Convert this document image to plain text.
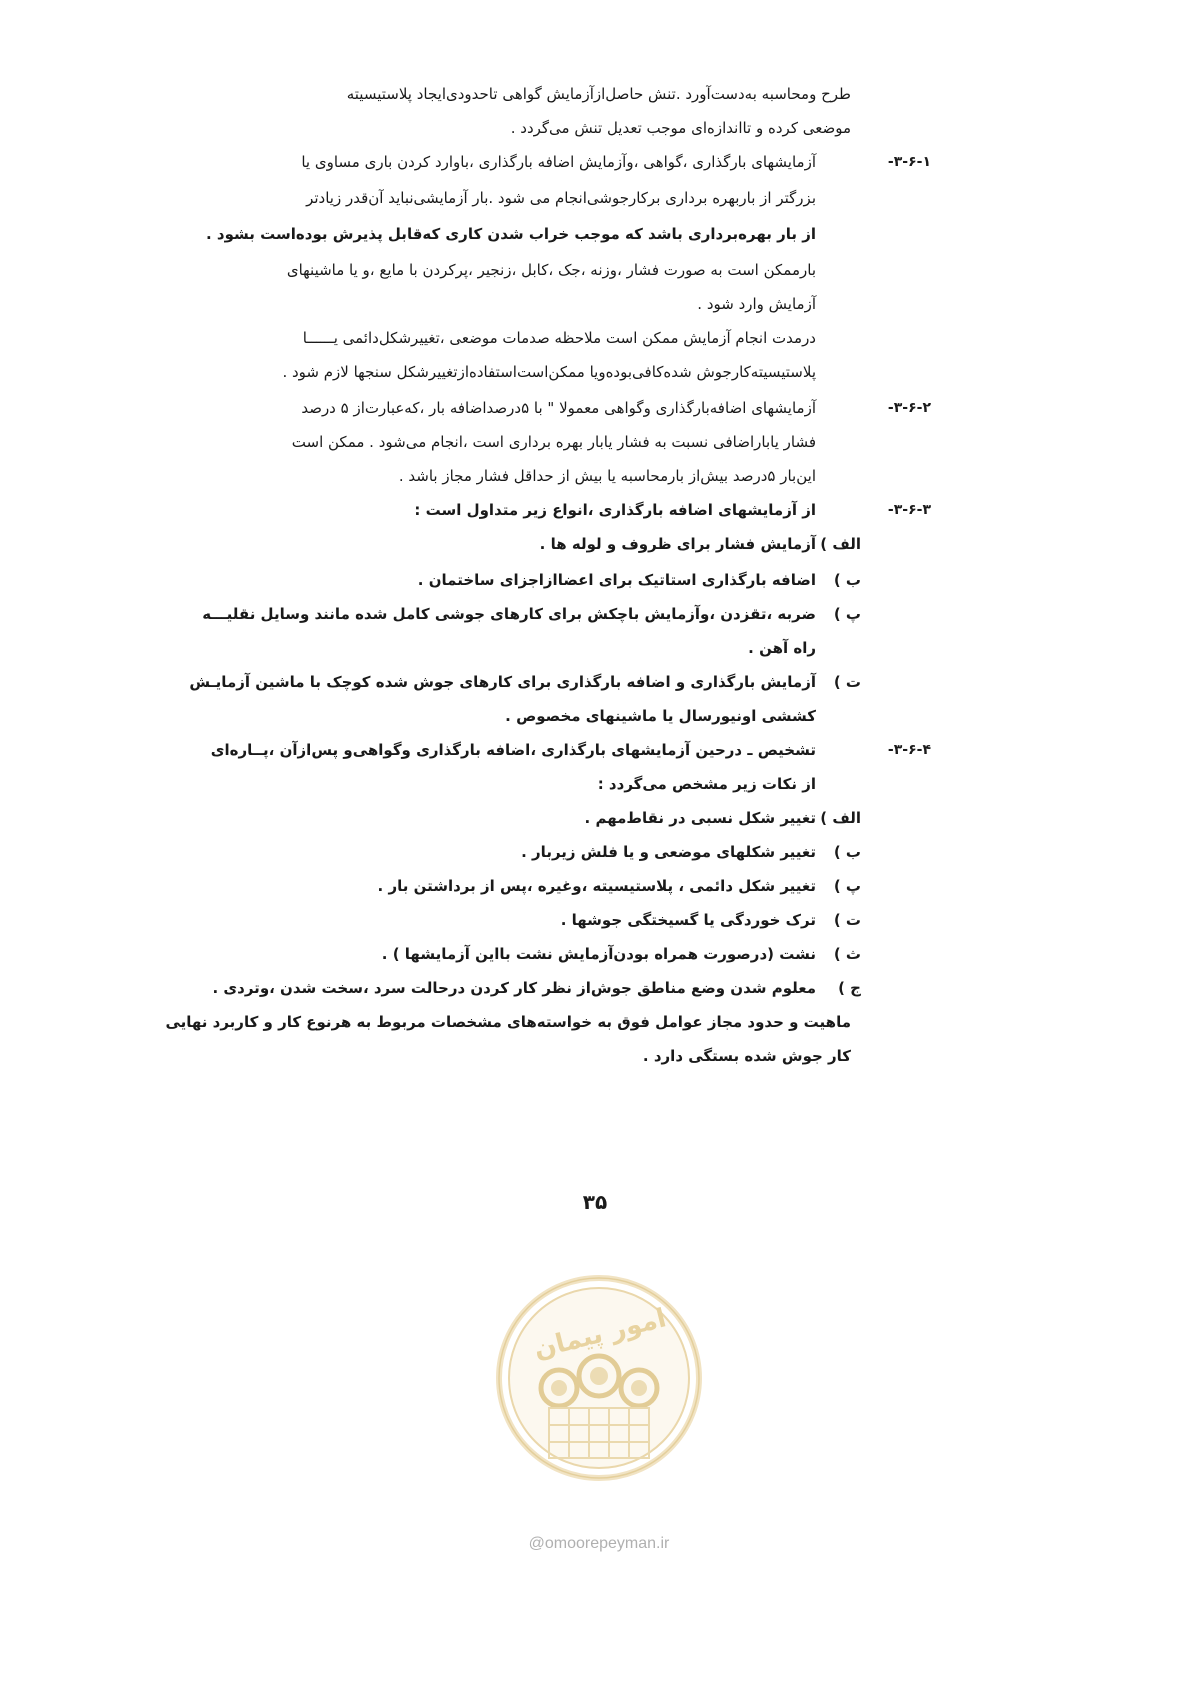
طرح ومحاسبه به‌دست‌آورد .تنش حاصل‌ازآزمایش گواهی تاحدودی‌ایجاد پلاستیسیته
موضعی کرده و تااندازه‌ای موجب تعدیل تنش می‌گردد .
۳-۶-۱-
آزمایشهای بارگذاری ،گواهی ،وآزمایش اضافه بارگذاری ،باوارد کردن باری مساوی یا
بزرگتر از باربهره برداری برکارجوشی‌انجام می شود .بار آزمایشی‌نباید آن‌قدر زیادتر
از بار بهره‌برداری باشد که موجب خراب شدن کاری که‌قابل پذیرش بوده‌است بشود .
بارممکن است به صورت فشار ،وزنه ،جک ،کابل ،زنجیر ،پرکردن با مایع ،و یا ماشینهای
آزمایش وارد شود .
درمدت انجام آزمایش ممکن است ملاحظه صدمات موضعی ،تغییرشکل‌دائمی یــــــا
پلاستیسیته‌کارجوش شده‌کافی‌بوده‌ویا ممکن‌است‌استفاده‌ازتغییرشکل سنجها لازم شود .
۳-۶-۲-
آزمایشهای اضافه‌بارگذاری وگواهی معمولا " با ۵درصداضافه بار ،که‌عبارت‌از ۵ درصد
فشار یابار‌اضافی نسبت به فشار یابار بهره برداری است ،انجام می‌شود . ممکن است
این‌بار ۵درصد بیش‌از بارمحاسبه یا بیش از حداقل فشار مجاز باشد .
۳-۶-۳-
از آزمایشهای اضافه بارگذاری ،انواع زیر متداول است :
الف )
آزمایش فشار برای ظروف و لوله ها .
ب )
اضافه بارگذاری استاتیک برای اعضا‌از‌اجزای ساختمان .
پ )
ضربه ،تقزدن ،وآزمایش باچکش برای کارهای جوشی کامل شده مانند وسایل نقلیـــه
راه آهن .
ت )
آزمایش بارگذاری و اضافه بارگذاری برای کارهای جوش شده کوچک با ماشین آزمایـش
کششی اونیورسال یا ماشینهای مخصوص .
۳-۶-۴-
تشخیص ـ درحین آزمایشهای بارگذاری ،اضافه بارگذاری وگواهی‌و پس‌از‌آن ،پــاره‌ای
از نکات زیر مشخص می‌گردد :
الف )
تغییر شکل نسبی در نقاط‌مهم .
ب )
تغییر شکلهای موضعی و یا فلش زیربار .
پ )
تغییر شکل دائمی ، پلاستیسیته ،وغیره ،پس از برداشتن بار .
ت )
ترک خوردگی یا گسیختگی جوشها .
ث )
نشت (درصورت همراه بودن‌آزمایش نشت بااین آزمایشها ) .
ج )
معلوم شدن وضع مناطق جوش‌از نظر کار کردن درحالت سرد ،سخت شدن ،وتردی .
ماهیت و حدود مجاز عوامل فوق به خواسته‌های مشخصات مربوط به هرنوع کار و کاربرد نهایی
کار جوش شده بستگی دارد .
۳۵
امور پیمان
@omoorepeyman.ir
